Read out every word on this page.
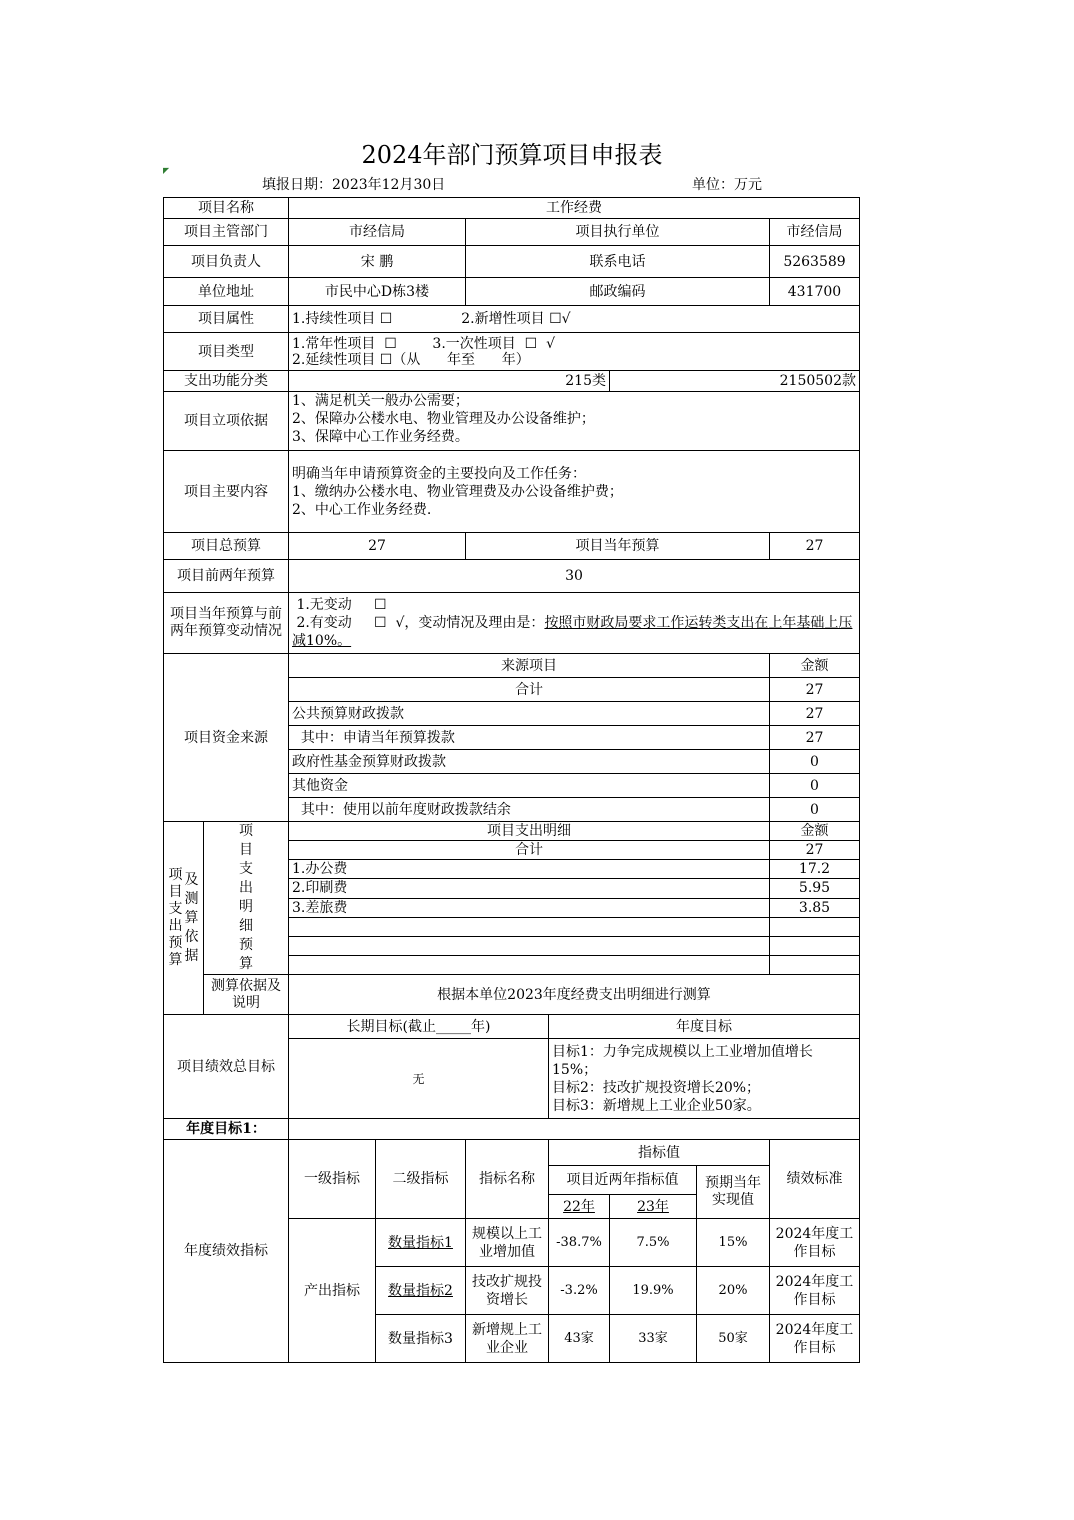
2024年部门预算项目申报表
◤
填报日期：2023年12月30日	单位：万元
项目名称		工作经费						
项目主管部门		市经信局		项目执行单位				市经信局
项目负责人		宋 鹏		联系电话				5263589
单位地址		市民中心D栋3楼		邮政编码				431700
项目属性		1.持续性项目 ☐ 2.新增性项目 ☐√						
项目类型		1.常年性项目  ☐        3.一次性项目  ☐  √
2.延续性项目 ☐（从      年至      年）						

支出功能分类		215类				2150502款		
项目立项依据		1、满足机关一般办公需要；
2、保障办公楼水电、物业管理及办公设备维护；
3、保障中心工作业务经费。						

项目主要内容		明确当年申请预算资金的主要投向及工作任务：
1、缴纳办公楼水电、物业管理费及办公设备维护费；
2、中心工作业务经费.						

项目总预算		27		项目当年预算				27
项目前两年预算		30						
项目当年预算与前两年预算变动情况		1.无变动     ☐
2.有变动     ☐  √，变动情况及理由是：按照市财政局要求工作运转类支出在上年基础上压减10%。						

项目资金来源		来源项目						金额
		合计						27
		公共预算财政拨款						27
		其中：申请当年预算拨款						27
		政府性基金预算财政拨款						0
		其他资金						0
		其中：使用以前年度财政拨款结余						0

项目支出预算
及测算依据	项目支出明细预算	项目支出明细						金额
		合计						27
		1.办公费						17.2
		2.印刷费						5.95
		3.差旅费						3.85

	测算依据及说明	根据本单位2023年度经费支出明细进行测算						
项目绩效总目标		长期目标(截止_____年)			年度目标			
		无			目标1：力争完成规模以上工业增加值增长15%；
目标2：技改扩规投资增长20%；
目标3：新增规上工业企业50家。			

年度目标1：								
年度绩效指标		一级指标	二级指标	指标名称	指标值			绩效标准
					项目近两年指标值		预期当年实现值	
					22年	23年		
		产出指标	数量指标1	规模以上工业增加值	-38.7%	7.5%	15%	2024年度工作目标
			数量指标2	技改扩规投资增长	-3.2%	19.9%	20%	2024年度工作目标
			数量指标3	新增规上工业企业	43家	33家	50家	2024年度工作目标
